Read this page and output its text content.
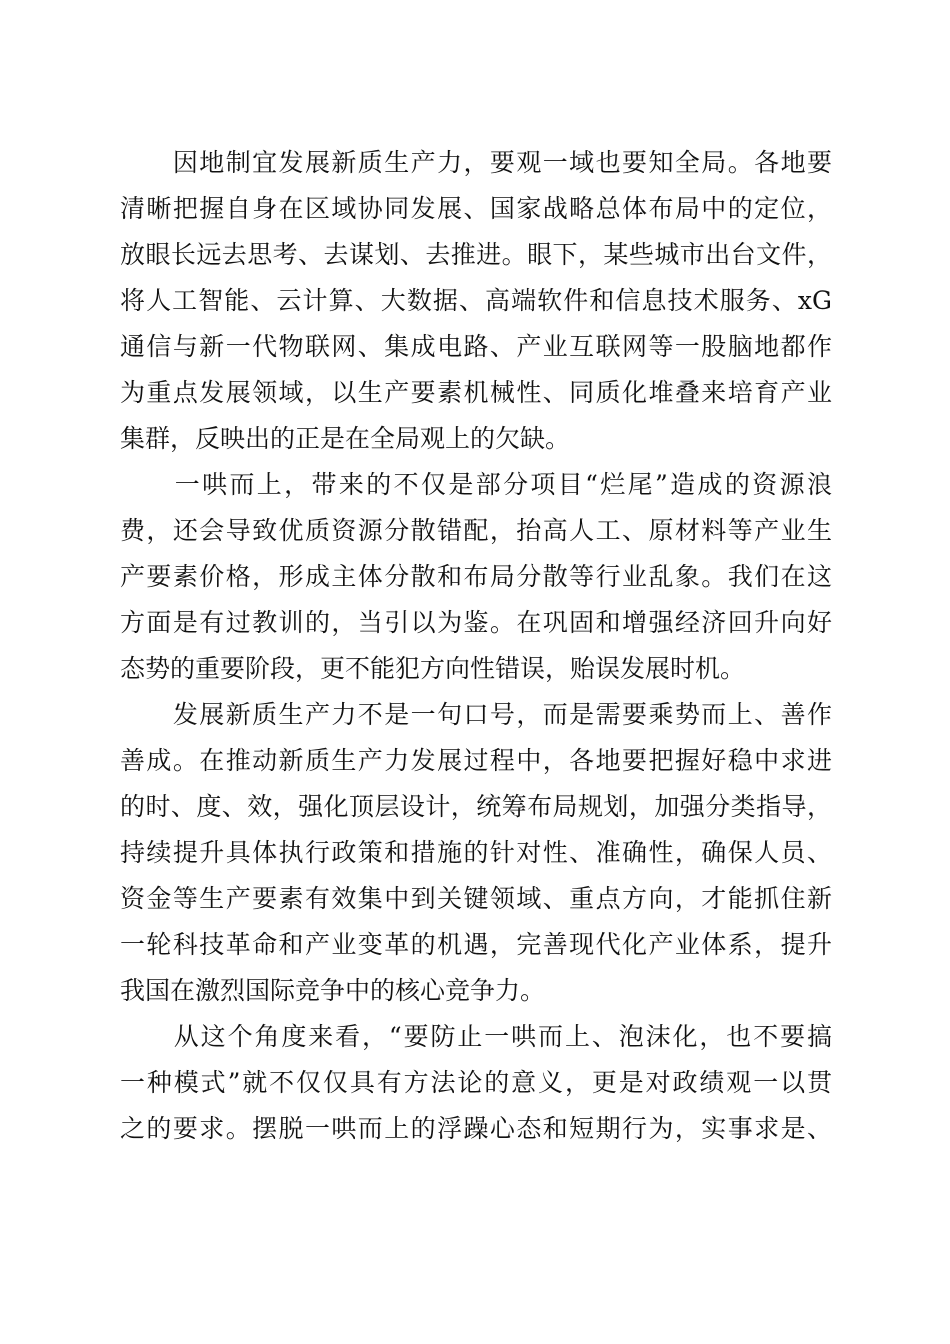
　　因地制宜发展新质生产力，要观一域也要知全局。各地要
清晰把握自身在区域协同发展、国家战略总体布局中的定位，
放眼长远去思考、去谋划、去推进。眼下，某些城市出台文件，
将人工智能、云计算、大数据、高端软件和信息技术服务、xG
通信与新一代物联网、集成电路、产业互联网等一股脑地都作
为重点发展领域，以生产要素机械性、同质化堆叠来培育产业
集群，反映出的正是在全局观上的欠缺。
　　一哄而上，带来的不仅是部分项目“烂尾”造成的资源浪
费，还会导致优质资源分散错配，抬高人工、原材料等产业生
产要素价格，形成主体分散和布局分散等行业乱象。我们在这
方面是有过教训的，当引以为鉴。在巩固和增强经济回升向好
态势的重要阶段，更不能犯方向性错误，贻误发展时机。
　　发展新质生产力不是一句口号，而是需要乘势而上、善作
善成。在推动新质生产力发展过程中，各地要把握好稳中求进
的时、度、效，强化顶层设计，统筹布局规划，加强分类指导，
持续提升具体执行政策和措施的针对性、准确性，确保人员、
资金等生产要素有效集中到关键领域、重点方向，才能抓住新
一轮科技革命和产业变革的机遇，完善现代化产业体系，提升
我国在激烈国际竞争中的核心竞争力。
　　从这个角度来看，“要防止一哄而上、泡沫化，也不要搞
一种模式”就不仅仅具有方法论的意义，更是对政绩观一以贯
之的要求。摆脱一哄而上的浮躁心态和短期行为，实事求是、
